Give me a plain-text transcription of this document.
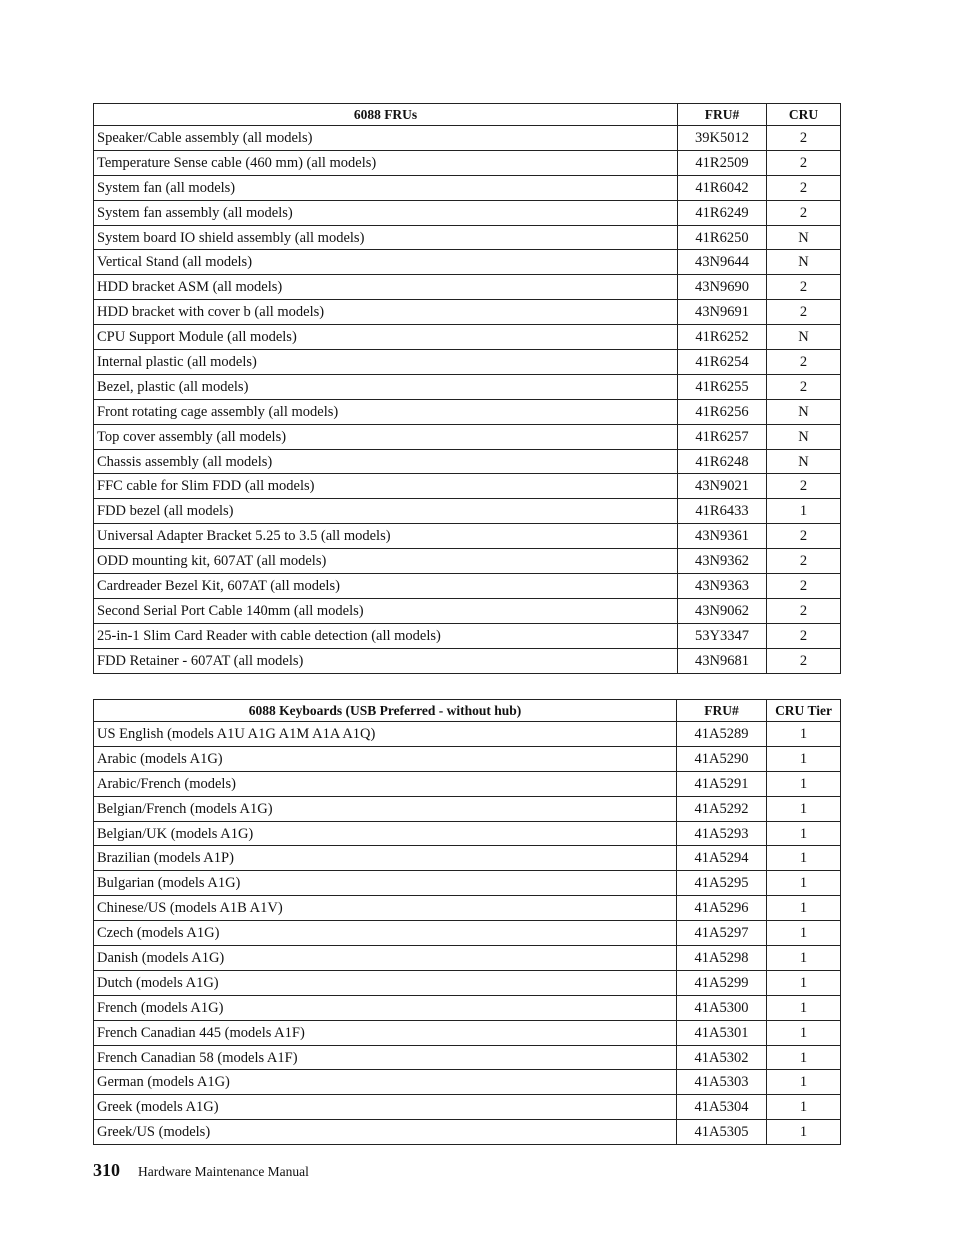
6088 FRUs	FRU#	CRU
Speaker/Cable assembly (all models)	39K5012	2
Temperature Sense cable (460 mm) (all models)	41R2509	2
System fan (all models)	41R6042	2
System fan assembly (all models)	41R6249	2
System board IO shield assembly (all models)	41R6250	N
Vertical Stand (all models)	43N9644	N
HDD bracket ASM (all models)	43N9690	2
HDD bracket with cover b (all models)	43N9691	2
CPU Support Module (all models)	41R6252	N
Internal plastic (all models)	41R6254	2
Bezel, plastic (all models)	41R6255	2
Front rotating cage assembly (all models)	41R6256	N
Top cover assembly (all models)	41R6257	N
Chassis assembly (all models)	41R6248	N
FFC cable for Slim FDD (all models)	43N9021	2
FDD bezel (all models)	41R6433	1
Universal Adapter Bracket 5.25 to 3.5 (all models)	43N9361	2
ODD mounting kit, 607AT (all models)	43N9362	2
Cardreader Bezel Kit, 607AT (all models)	43N9363	2
Second Serial Port Cable 140mm (all models)	43N9062	2
25-in-1 Slim Card Reader with cable detection (all models)	53Y3347	2
FDD Retainer - 607AT (all models)	43N9681	2
6088 Keyboards (USB Preferred - without hub)	FRU#	CRU Tier
US English (models A1U A1G A1M A1A A1Q)	41A5289	1
Arabic (models A1G)	41A5290	1
Arabic/French (models)	41A5291	1
Belgian/French (models A1G)	41A5292	1
Belgian/UK (models A1G)	41A5293	1
Brazilian (models A1P)	41A5294	1
Bulgarian (models A1G)	41A5295	1
Chinese/US (models A1B A1V)	41A5296	1
Czech (models A1G)	41A5297	1
Danish (models A1G)	41A5298	1
Dutch (models A1G)	41A5299	1
French (models A1G)	41A5300	1
French Canadian 445 (models A1F)	41A5301	1
French Canadian 58 (models A1F)	41A5302	1
German (models A1G)	41A5303	1
Greek (models A1G)	41A5304	1
Greek/US (models)	41A5305	1
310 Hardware Maintenance Manual
